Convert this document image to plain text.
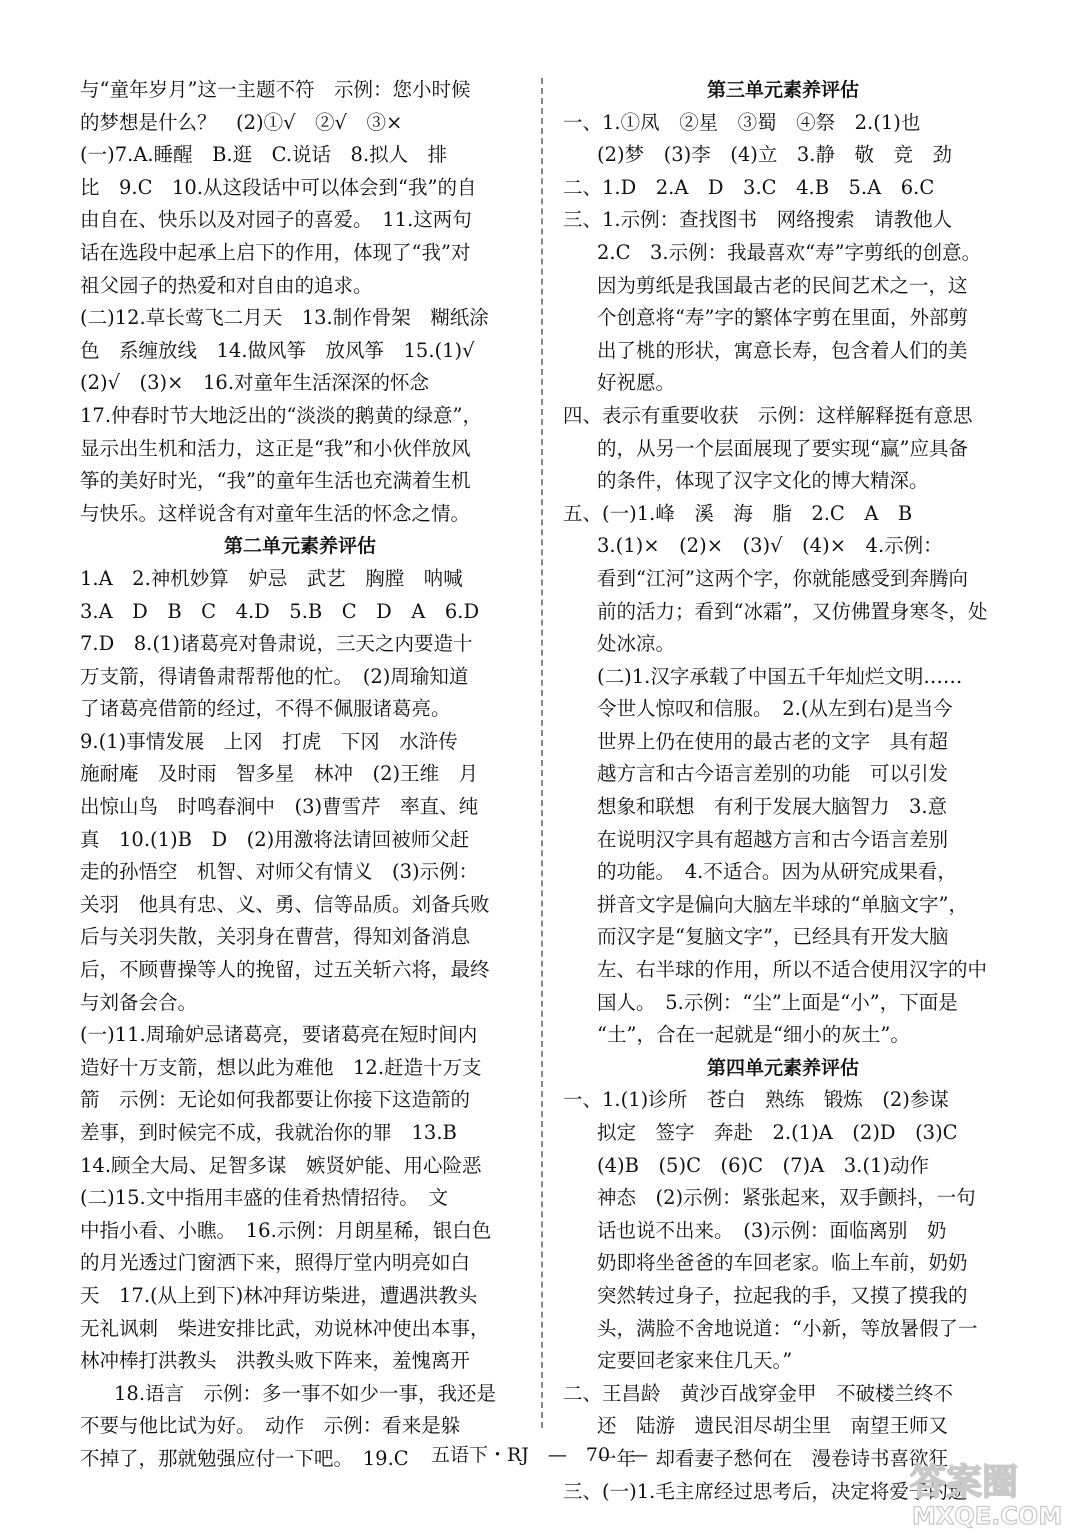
与“童年岁月”这一主题不符　示例：您小时候
的梦想是什么？　(2)①√　②√　③×
(一)7.A.睡醒　B.逛　C.说话　8.拟人　排
比　9.C　10.从这段话中可以体会到“我”的自
由自在、快乐以及对园子的喜爱。　11.这两句
话在选段中起承上启下的作用，体现了“我”对
祖父园子的热爱和对自由的追求。
(二)12.草长莺飞二月天　13.制作骨架　糊纸涂
色　系缠放线　14.做风筝　放风筝　15.(1)√
(2)√　(3)×　16.对童年生活深深的怀念
17.仲春时节大地泛出的“淡淡的鹅黄的绿意”，
显示出生机和活力，这正是“我”和小伙伴放风
筝的美好时光，“我”的童年生活也充满着生机
与快乐。这样说含有对童年生活的怀念之情。
第二单元素养评估
1.A　2.神机妙算　妒忌　武艺　胸膛　呐喊
3.A　D　B　C　4.D　5.B　C　D　A　6.D
7.D　8.(1)诸葛亮对鲁肃说，三天之内要造十
万支箭，得请鲁肃帮帮他的忙。　(2)周瑜知道
了诸葛亮借箭的经过，不得不佩服诸葛亮。
9.(1)事情发展　上冈　打虎　下冈　水浒传
施耐庵　及时雨　智多星　林冲　(2)王维　月
出惊山鸟　时鸣春涧中　(3)曹雪芹　率直、纯
真　10.(1)B　D　(2)用激将法请回被师父赶
走的孙悟空　机智、对师父有情义　(3)示例：
关羽　他具有忠、义、勇、信等品质。刘备兵败
后与关羽失散，关羽身在曹营，得知刘备消息
后，不顾曹操等人的挽留，过五关斩六将，最终
与刘备会合。
(一)11.周瑜妒忌诸葛亮，要诸葛亮在短时间内
造好十万支箭，想以此为难他　12.赶造十万支
箭　示例：无论如何我都要让你接下这造箭的
差事，到时候完不成，我就治你的罪　13.B
14.顾全大局、足智多谋　嫉贤妒能、用心险恶
(二)15.文中指用丰盛的佳肴热情招待。　文
中指小看、小瞧。　16.示例：月朗星稀，银白色
的月光透过门窗洒下来，照得厅堂内明亮如白
天　17.(从上到下)林冲拜访柴进，遭遇洪教头
无礼讽刺　柴进安排比武，劝说林冲使出本事，
林冲棒打洪教头　洪教头败下阵来，羞愧离开
18.语言　示例：多一事不如少一事，我还是
不要与他比试为好。　动作　示例：看来是躲
不掉了，那就勉强应付一下吧。　19.C
第三单元素养评估
一、1.①凤　②星　③蜀　④祭　2.(1)也
(2)梦　(3)李　(4)立　3.静　敬　竞　劲
二、1.D　2.A　D　3.C　4.B　5.A　6.C
三、1.示例：查找图书　网络搜索　请教他人
2.C　3.示例：我最喜欢“寿”字剪纸的创意。
因为剪纸是我国最古老的民间艺术之一，这
个创意将“寿”字的繁体字剪在里面，外部剪
出了桃的形状，寓意长寿，包含着人们的美
好祝愿。
四、表示有重要收获　示例：这样解释挺有意思
的，从另一个层面展现了要实现“赢”应具备
的条件，体现了汉字文化的博大精深。
五、(一)1.峰　溪　海　脂　2.C　A　B
3.(1)×　(2)×　(3)√　(4)×　4.示例：
看到“江河”这两个字，你就能感受到奔腾向
前的活力；看到“冰霜”，又仿佛置身寒冬，处
处冰凉。
(二)1.汉字承载了中国五千年灿烂文明……
令世人惊叹和信服。　2.(从左到右)是当今
世界上仍在使用的最古老的文字　具有超
越方言和古今语言差别的功能　可以引发
想象和联想　有利于发展大脑智力　3.意
在说明汉字具有超越方言和古今语言差别
的功能。　4.不适合。因为从研究成果看，
拼音文字是偏向大脑左半球的“单脑文字”，
而汉字是“复脑文字”，已经具有开发大脑
左、右半球的作用，所以不适合使用汉字的中
国人。　5.示例：“尘”上面是“小”，下面是
“土”，合在一起就是“细小的灰土”。
第四单元素养评估
一、1.(1)诊所　苍白　熟练　锻炼　(2)参谋
拟定　签字　奔赴　2.(1)A　(2)D　(3)C
(4)B　(5)C　(6)C　(7)A　3.(1)动作
神态　(2)示例：紧张起来，双手颤抖，一句
话也说不出来。　(3)示例：面临离别　奶
奶即将坐爸爸的车回老家。临上车前，奶奶
突然转过身子，拉起我的手，又摸了摸我的
头，满脸不舍地说道：“小新，等放暑假了一
定要回老家来住几天。”
二、王昌龄　黄沙百战穿金甲　不破楼兰终不
还　陆游　遗民泪尽胡尘里　南望王师又
一年　却看妻子愁何在　漫卷诗书喜欲狂
三、(一)1.毛主席经过思考后，决定将爱子的遗
五语下・RJ　—　70　—
答案圈
MXQE.COM
